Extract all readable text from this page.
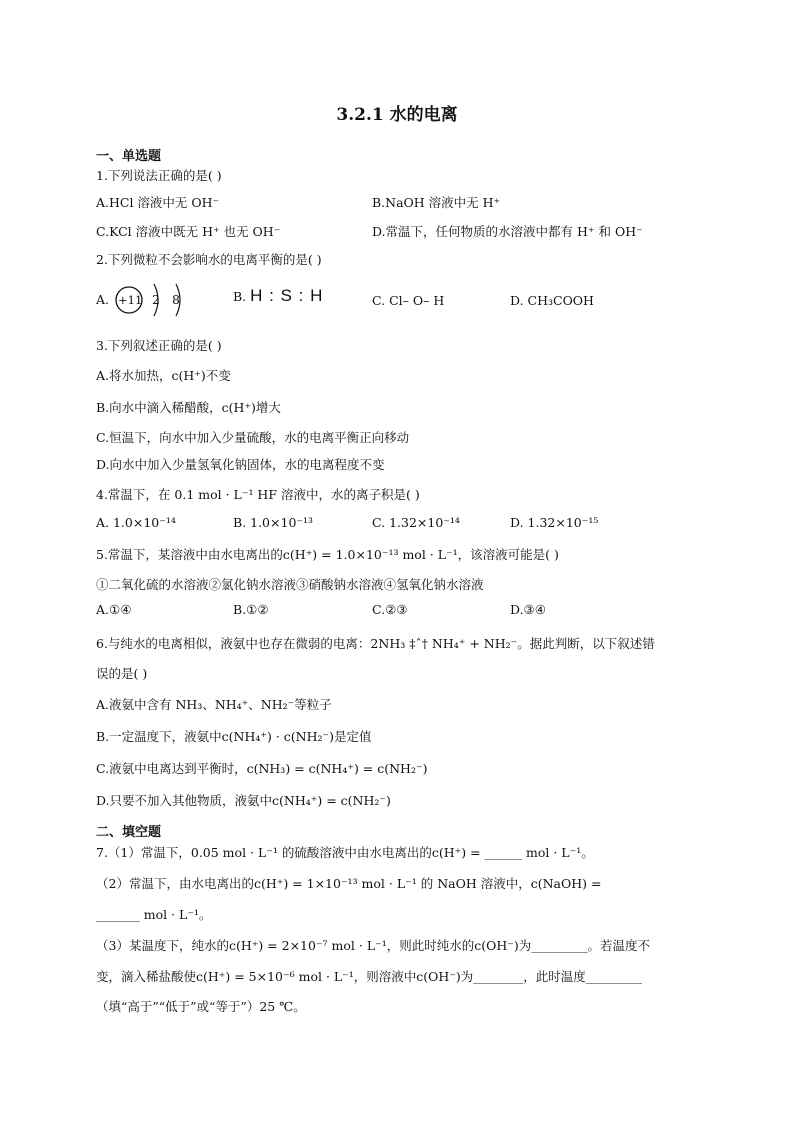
3.2.1 水的电离
一、单选题
1.下列说法正确的是( )
A.HCl 溶液中无 OH⁻	B.NaOH 溶液中无 H⁺
C.KCl 溶液中既无 H⁺ 也无 OH⁻	D.常温下，任何物质的水溶液中都有 H⁺ 和 OH⁻
2.下列微粒不会影响水的电离平衡的是( )
A. +11 2 8	B. H : S : H	C. Cl– O– H	D. CH₃COOH
3.下列叙述正确的是( )
A.将水加热，c(H⁺)不变
B.向水中滴入稀醋酸，c(H⁺)增大
C.恒温下，向水中加入少量硫酸，水的电离平衡正向移动
D.向水中加入少量氢氧化钠固体，水的电离程度不变
4.常温下，在 0.1 mol · L⁻¹ HF 溶液中，水的离子积是( )
A. 1.0×10⁻¹⁴	B. 1.0×10⁻¹³	C. 1.32×10⁻¹⁴	D. 1.32×10⁻¹⁵
5.常温下，某溶液中由水电离出的c(H⁺) = 1.0×10⁻¹³ mol · L⁻¹，该溶液可能是( )
①二氧化硫的水溶液②氯化钠水溶液③硝酸钠水溶液④氢氧化钠水溶液
A.①④	B.①②	C.②③	D.③④
6.与纯水的电离相似，液氨中也存在微弱的电离：2NH₃ ‡ˆ† NH₄⁺ + NH₂⁻。据此判断，以下叙述错
误的是( )
A.液氨中含有 NH₃、NH₄⁺、NH₂⁻等粒子
B.一定温度下，液氨中c(NH₄⁺) · c(NH₂⁻)是定值
C.液氨中电离达到平衡时，c(NH₃) = c(NH₄⁺) = c(NH₂⁻)
D.只要不加入其他物质，液氨中c(NH₄⁺) = c(NH₂⁻)
二、填空题
7.（1）常温下，0.05 mol · L⁻¹ 的硫酸溶液中由水电离出的c(H⁺) = ______ mol · L⁻¹。
（2）常温下，由水电离出的c(H⁺) = 1×10⁻¹³ mol · L⁻¹ 的 NaOH 溶液中，c(NaOH) =
_______ mol · L⁻¹。
（3）某温度下，纯水的c(H⁺) = 2×10⁻⁷ mol · L⁻¹，则此时纯水的c(OH⁻)为_________。若温度不
变，滴入稀盐酸使c(H⁺) = 5×10⁻⁶ mol · L⁻¹，则溶液中c(OH⁻)为________，此时温度_________
（填“高于”“低于”或“等于”）25 ℃。
